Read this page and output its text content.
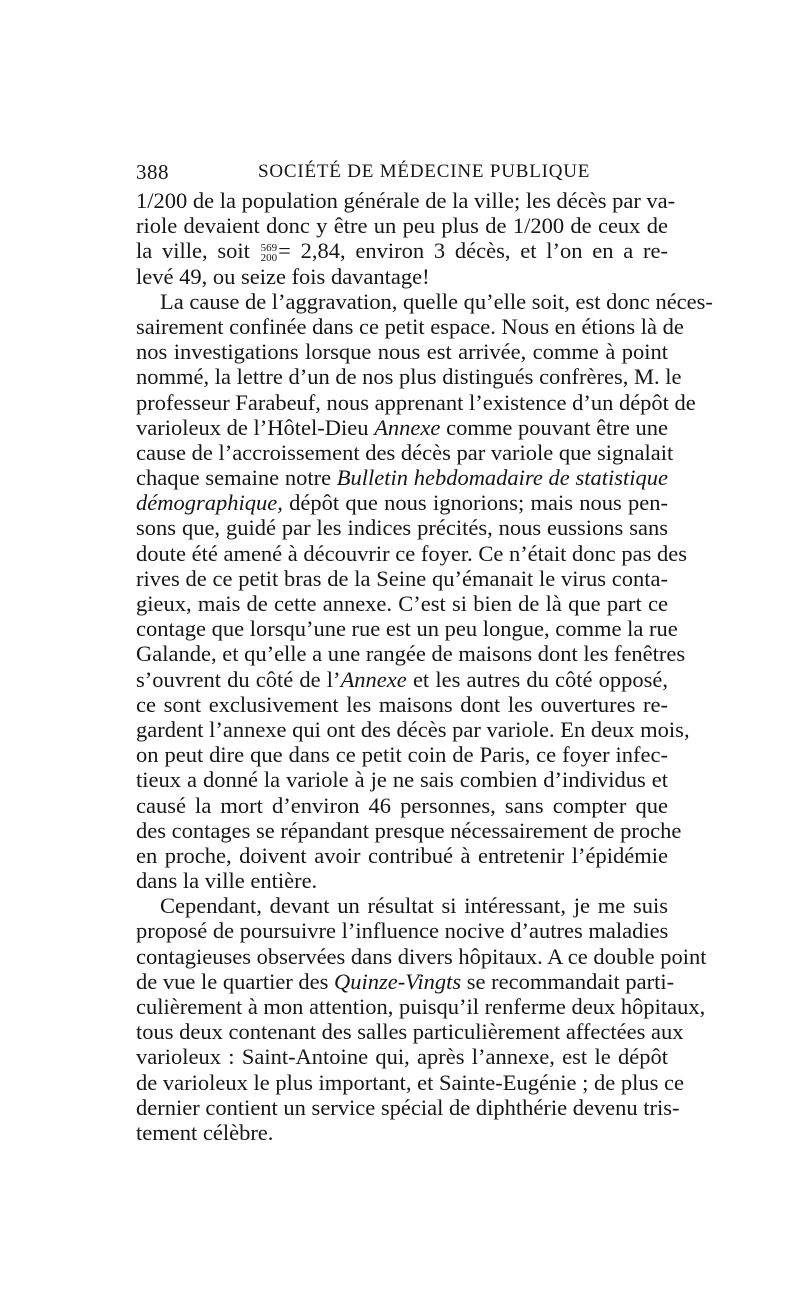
388	SOCIÉTÉ DE MÉDECINE PUBLIQUE
1/200 de la population générale de la ville; les décès par va-
riole devaient donc y être un peu plus de 1/200 de ceux de
la ville, soit 569
200 = 2,84, environ 3 décès, et l’on en a re-
levé 49, ou seize fois davantage!
La cause de l’aggravation, quelle qu’elle soit, est donc néces-
sairement confinée dans ce petit espace. Nous en étions là de
nos investigations lorsque nous est arrivée, comme à point
nommé, la lettre d’un de nos plus distingués confrères, M. le
professeur Farabeuf, nous apprenant l’existence d’un dépôt de
varioleux de l’Hôtel-Dieu Annexe comme pouvant être une
cause de l’accroissement des décès par variole que signalait
chaque semaine notre Bulletin hebdomadaire de statistique
démographique, dépôt que nous ignorions; mais nous pen-
sons que, guidé par les indices précités, nous eussions sans
doute été amené à découvrir ce foyer. Ce n’était donc pas des
rives de ce petit bras de la Seine qu’émanait le virus conta-
gieux, mais de cette annexe. C’est si bien de là que part ce
contage que lorsqu’une rue est un peu longue, comme la rue
Galande, et qu’elle a une rangée de maisons dont les fenêtres
s’ouvrent du côté de l’Annexe et les autres du côté opposé,
ce sont exclusivement les maisons dont les ouvertures re-
gardent l’annexe qui ont des décès par variole. En deux mois,
on peut dire que dans ce petit coin de Paris, ce foyer infec-
tieux a donné la variole à je ne sais combien d’individus et
causé la mort d’environ 46 personnes, sans compter que
des contages se répandant presque nécessairement de proche
en proche, doivent avoir contribué à entretenir l’épidémie
dans la ville entière.
Cependant, devant un résultat si intéressant, je me suis
proposé de poursuivre l’influence nocive d’autres maladies
contagieuses observées dans divers hôpitaux. A ce double point
de vue le quartier des Quinze-Vingts se recommandait parti-
culièrement à mon attention, puisqu’il renferme deux hôpitaux,
tous deux contenant des salles particulièrement affectées aux
varioleux : Saint-Antoine qui, après l’annexe, est le dépôt
de varioleux le plus important, et Sainte-Eugénie ; de plus ce
dernier contient un service spécial de diphthérie devenu tris-
tement célèbre.
